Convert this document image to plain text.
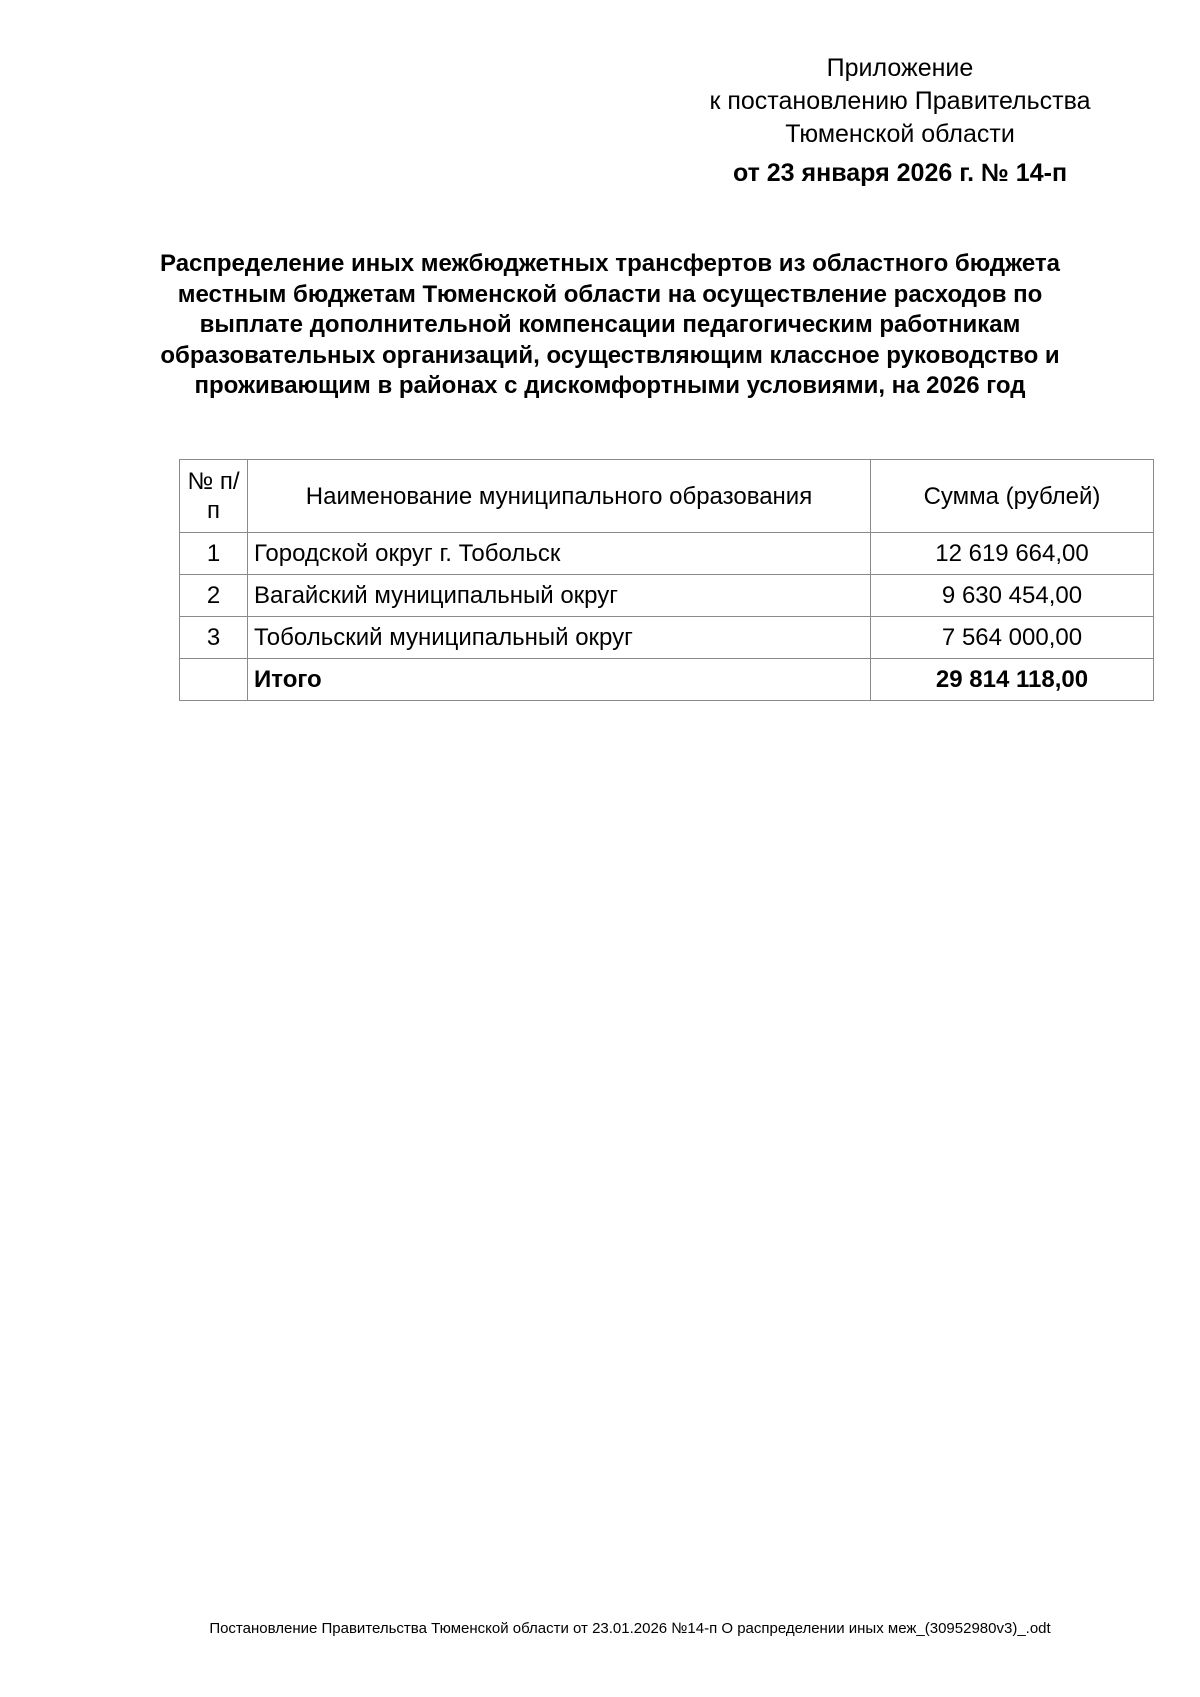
Приложение
к постановлению Правительства
Тюменской области
от 23 января 2026 г. № 14-п
Распределение иных межбюджетных трансфертов из областного бюджета местным бюджетам Тюменской области на осуществление расходов по выплате дополнительной компенсации педагогическим работникам образовательных организаций, осуществляющим классное руководство и проживающим в районах с дискомфортными условиями, на 2026 год
№ п/п	Наименование муниципального образования	Сумма (рублей)
1	Городской округ г. Тобольск	12 619 664,00
2	Вагайский муниципальный округ	9 630 454,00
3	Тобольский муниципальный округ	7 564 000,00
	Итого	29 814 118,00
Постановление Правительства Тюменской области от 23.01.2026 №14-п О распределении иных меж_(30952980v3)_.odt
